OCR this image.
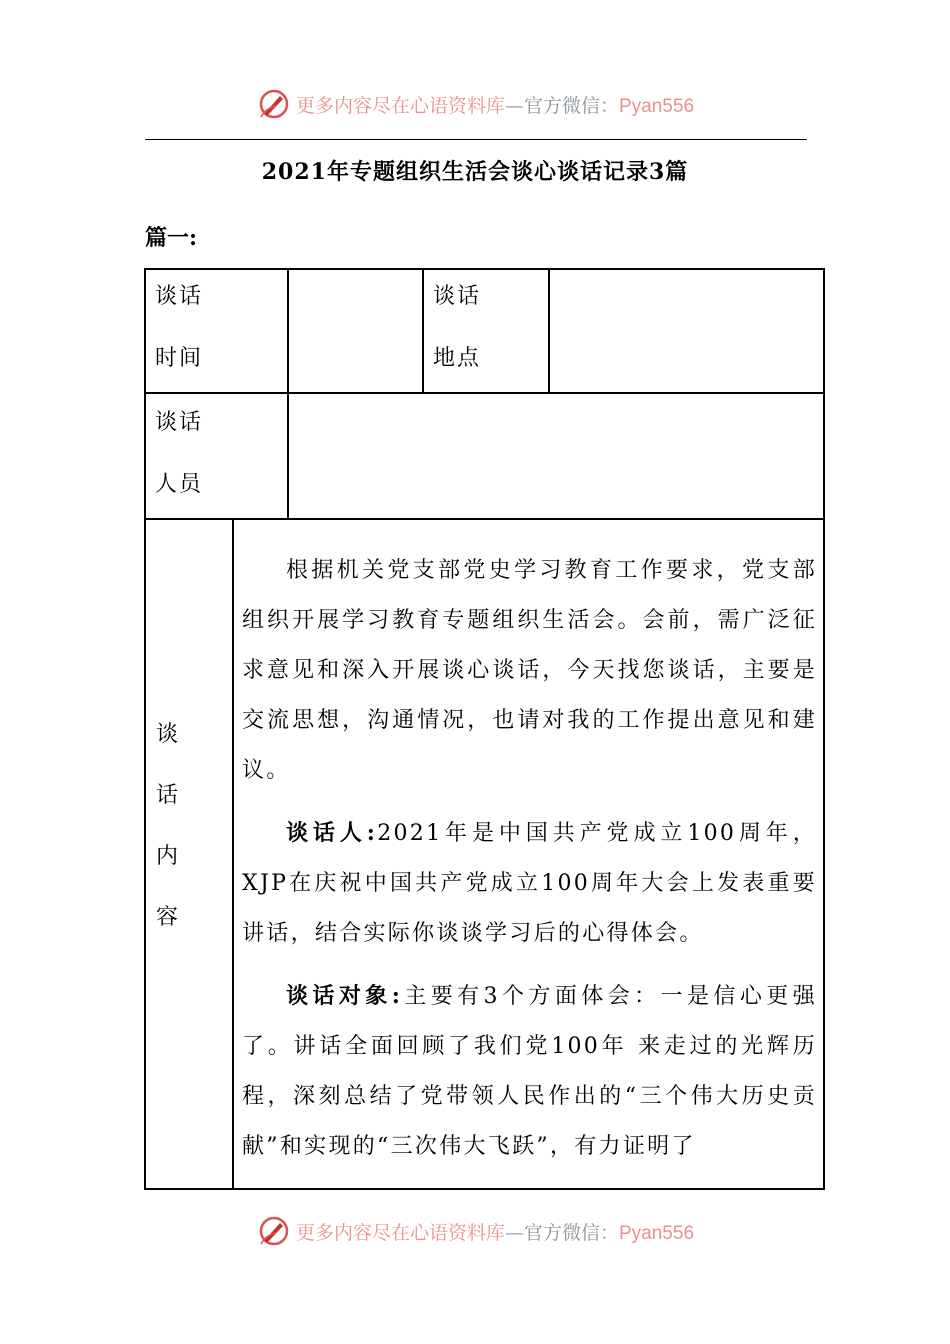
更多内容尽在心语资料库—官方微信：Pyan556
2021年专题组织生活会谈心谈话记录3篇
篇一:
谈话
时间
谈话
地点
谈话
人员
谈
话
内
容

根据机关党支部党史学习教育工作要求，党支部组织开展学习教育专题组织生活会。会前，需广泛征求意见和深入开展谈心谈话，今天找您谈话，主要是交流思想，沟通情况，也请对我的工作提出意见和建议。

谈话人:2021年是中国共产党成立100周年，XJP在庆祝中国共产党成立100周年大会上发表重要讲话，结合实际你谈谈学习后的心得体会。

谈话对象:主要有3个方面体会：一是信心更强了。讲话全面回顾了我们党100年 来走过的光辉历程，深刻总结了党带领人民作出的“三个伟大历史贡 献”和实现的“三次伟大飞跃”，有力证明了

更多内容尽在心语资料库—官方微信：Pyan556
